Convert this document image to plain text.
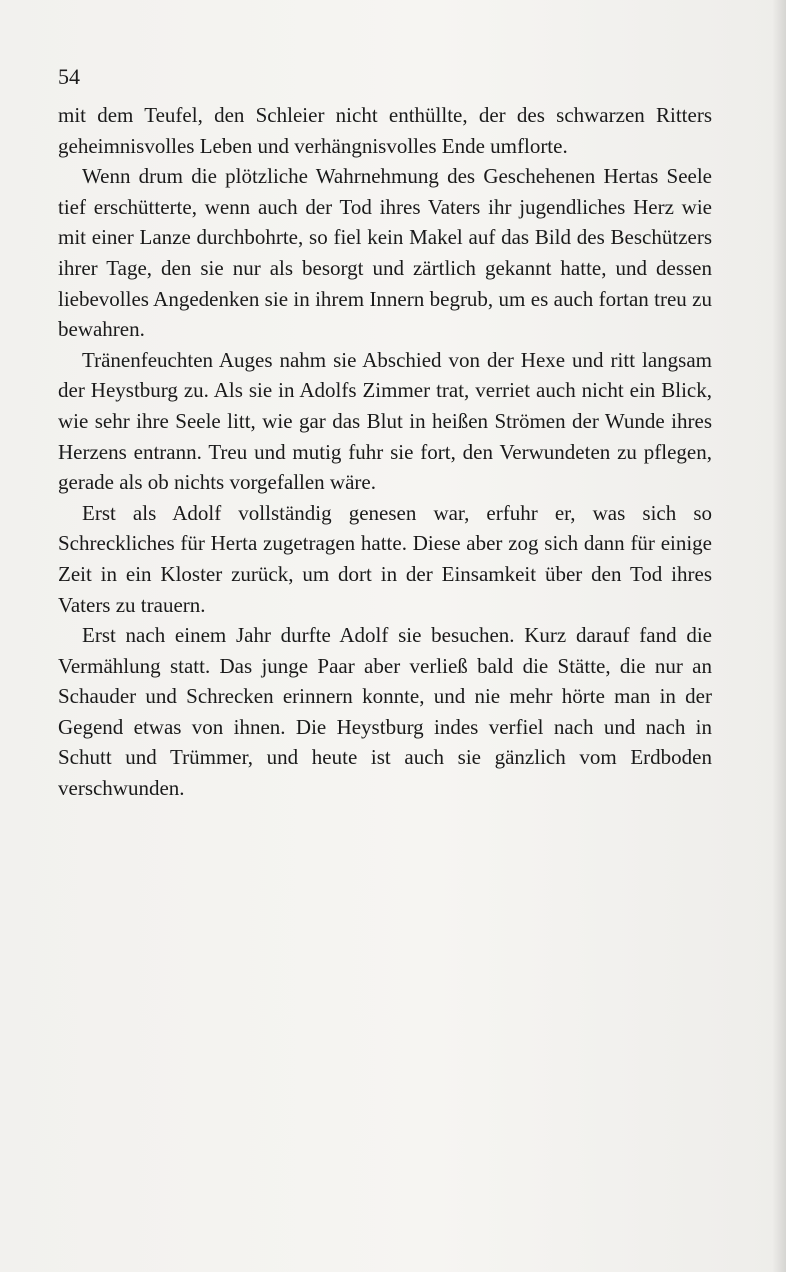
54

mit dem Teufel, den Schleier nicht enthüllte, der des schwarzen Ritters geheimnisvolles Leben und verhängnisvolles Ende umflorte.

Wenn drum die plötzliche Wahrnehmung des Geschehenen Hertas Seele tief erschütterte, wenn auch der Tod ihres Vaters ihr jugendliches Herz wie mit einer Lanze durchbohrte, so fiel kein Makel auf das Bild des Beschützers ihrer Tage, den sie nur als besorgt und zärtlich gekannt hatte, und dessen liebevolles Angedenken sie in ihrem Innern begrub, um es auch fortan treu zu bewahren.

Tränenfeuchten Auges nahm sie Abschied von der Hexe und ritt langsam der Heystburg zu. Als sie in Adolfs Zimmer trat, verriet auch nicht ein Blick, wie sehr ihre Seele litt, wie gar das Blut in heißen Strömen der Wunde ihres Herzens entrann. Treu und mutig fuhr sie fort, den Verwundeten zu pflegen, gerade als ob nichts vorgefallen wäre.

Erst als Adolf vollständig genesen war, erfuhr er, was sich so Schreckliches für Herta zugetragen hatte. Diese aber zog sich dann für einige Zeit in ein Kloster zurück, um dort in der Einsamkeit über den Tod ihres Vaters zu trauern.

Erst nach einem Jahr durfte Adolf sie besuchen. Kurz darauf fand die Vermählung statt. Das junge Paar aber verließ bald die Stätte, die nur an Schauder und Schrecken erinnern konnte, und nie mehr hörte man in der Gegend etwas von ihnen. Die Heystburg indes verfiel nach und nach in Schutt und Trümmer, und heute ist auch sie gänzlich vom Erdboden verschwunden.
